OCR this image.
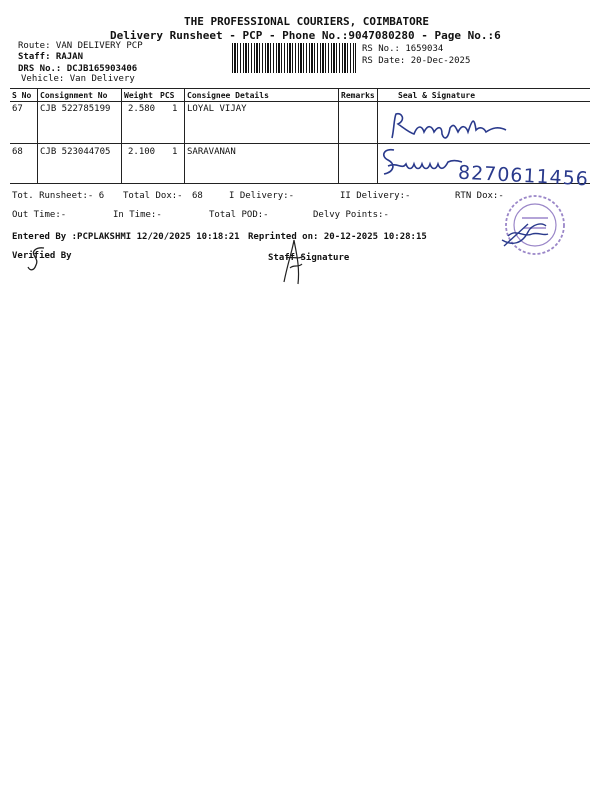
THE PROFESSIONAL COURIERS, COIMBATORE
Delivery Runsheet - PCP - Phone No.:9047080280 - Page No.:6
Route: VAN DELIVERY PCP
Staff: RAJAN
DRS No.: DCJB165903406
Vehicle: Van Delivery
RS No.: 1659034
RS Date: 20-Dec-2025
S No Consignment No Weight PCS Consignee Details	Remarks	Seal & Signature
67 CJB 522785199 2.580 1 LOYAL VIJAY
68 CJB 523044705 2.100 1 SARAVANAN
8270611456
Tot. Runsheet:- 6 Total Dox:- 68	I Delivery:-	II Delivery:-	RTN Dox:-
Out Time:-	In Time:-	Total POD:-	Delvy Points:-
Entered By :PCPLAKSHMI 12/20/2025 10:18:21 Reprinted on: 20-12-2025 10:28:15
Verified By	Staff Signature
